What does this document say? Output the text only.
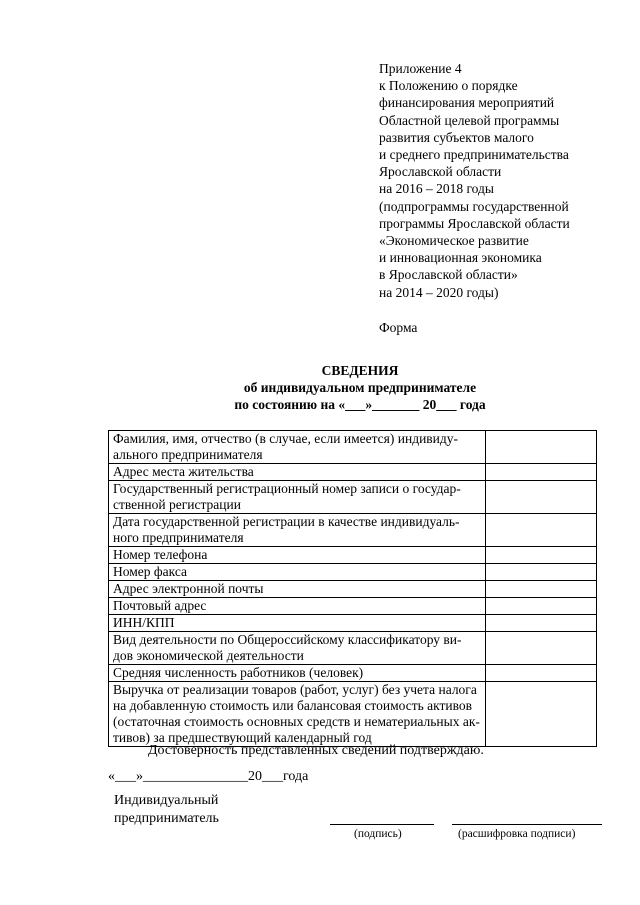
Приложение 4
к Положению о порядке
финансирования мероприятий
Областной целевой программы
развития субъектов малого
и среднего предпринимательства
Ярославской области
на 2016 – 2018 годы
(подпрограммы государственной
программы Ярославской области
«Экономическое развитие
и инновационная экономика
в Ярославской области»
на 2014 – 2020 годы)
Форма
СВЕДЕНИЯ
об индивидуальном предпринимателе
по состоянию на «___»_______ 20___ года
Фамилия, имя, отчество (в случае, если имеется) индивиду-
ального предпринимателя	

Адрес места жительства	

Государственный регистрационный номер записи о государ-
ственной регистрации	

Дата государственной регистрации в качестве индивидуаль-
ного предпринимателя	

Номер телефона	

Номер факса	

Адрес электронной почты	

Почтовый адрес	

ИНН/КПП	

Вид деятельности по Общероссийскому классификатору ви-
дов экономической деятельности	

Средняя численность работников (человек)	

Выручка от реализации товаров (работ, услуг) без учета налога
на добавленную стоимость или балансовая стоимость активов
(остаточная стоимость основных средств и нематериальных ак-
тивов) за предшествующий календарный год	

Достоверность представленных сведений подтверждаю.
«___»_______________20___года
Индивидуальный
предприниматель
(подпись)	(расшифровка подписи)
